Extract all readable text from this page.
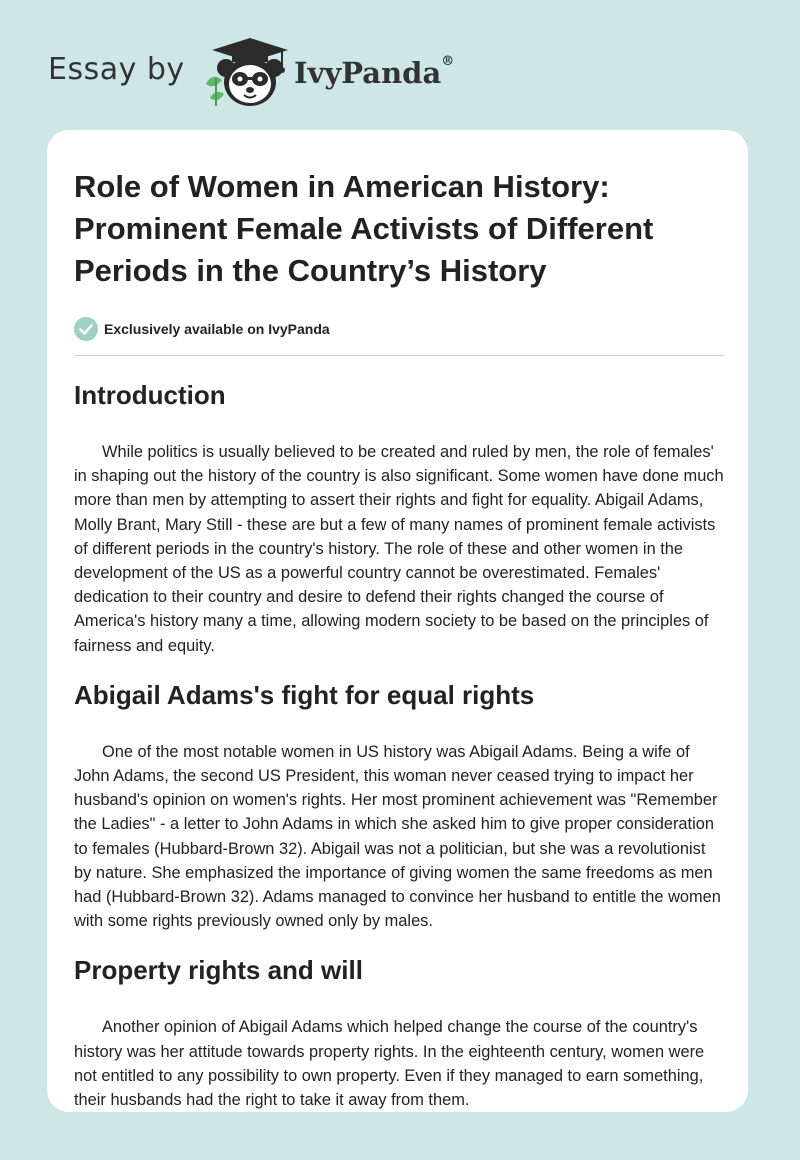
Essay by	IvyPanda®
Role of Women in American History: Prominent Female Activists of Different Periods in the Country’s History
Exclusively available on IvyPanda
Introduction

While politics is usually believed to be created and ruled by men, the role of females' in shaping out the history of the country is also significant. Some women have done much more than men by attempting to assert their rights and fight for equality. Abigail Adams, Molly Brant, Mary Still - these are but a few of many names of prominent female activists of different periods in the country's history. The role of these and other women in the development of the US as a powerful country cannot be overestimated. Females' dedication to their country and desire to defend their rights changed the course of America's history many a time, allowing modern society to be based on the principles of fairness and equity.

Abigail Adams's fight for equal rights

One of the most notable women in US history was Abigail Adams. Being a wife of John Adams, the second US President, this woman never ceased trying to impact her husband's opinion on women's rights. Her most prominent achievement was "Remember the Ladies" - a letter to John Adams in which she asked him to give proper consideration to females (Hubbard-Brown 32). Abigail was not a politician, but she was a revolutionist by nature. She emphasized the importance of giving women the same freedoms as men had (Hubbard-Brown 32). Adams managed to convince her husband to entitle the women with some rights previously owned only by males.

Property rights and will

Another opinion of Abigail Adams which helped change the course of the country's history was her attitude towards property rights. In the eighteenth century, women were not entitled to any possibility to own property. Even if they managed to earn something, their husbands had the right to take it away from them.
